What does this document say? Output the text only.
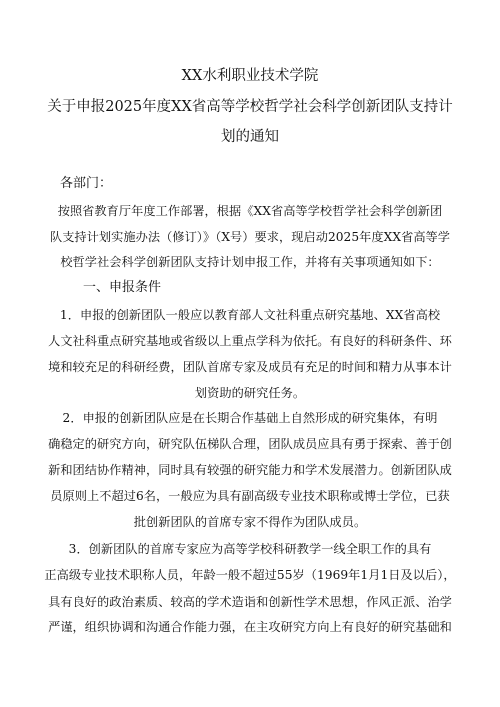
XX水利职业技术学院
关于申报2025年度XX省高等学校哲学社会科学创新团队支持计
划的通知
各部门：
按照省教育厅年度工作部署，根据《XX省高等学校哲学社会科学创新团
队支持计划实施办法（修订）》（X号）要求，现启动2025年度XX省高等学
校哲学社会科学创新团队支持计划申报工作，并将有关事项通知如下：
一、申报条件
1．申报的创新团队一般应以教育部人文社科重点研究基地、XX省高校
人文社科重点研究基地或省级以上重点学科为依托。有良好的科研条件、环
境和较充足的科研经费，团队首席专家及成员有充足的时间和精力从事本计
划资助的研究任务。
2．申报的创新团队应是在长期合作基础上自然形成的研究集体，有明
确稳定的研究方向，研究队伍梯队合理，团队成员应具有勇于探索、善于创
新和团结协作精神，同时具有较强的研究能力和学术发展潜力。创新团队成
员原则上不超过6名，一般应为具有副高级专业技术职称或博士学位，已获
批创新团队的首席专家不得作为团队成员。
3．创新团队的首席专家应为高等学校科研教学一线全职工作的具有
正高级专业技术职称人员，年龄一般不超过55岁（1969年1月1日及以后），
具有良好的政治素质、较高的学术造诣和创新性学术思想，作风正派、治学
严谨，组织协调和沟通合作能力强，在主攻研究方向上有良好的研究基础和
